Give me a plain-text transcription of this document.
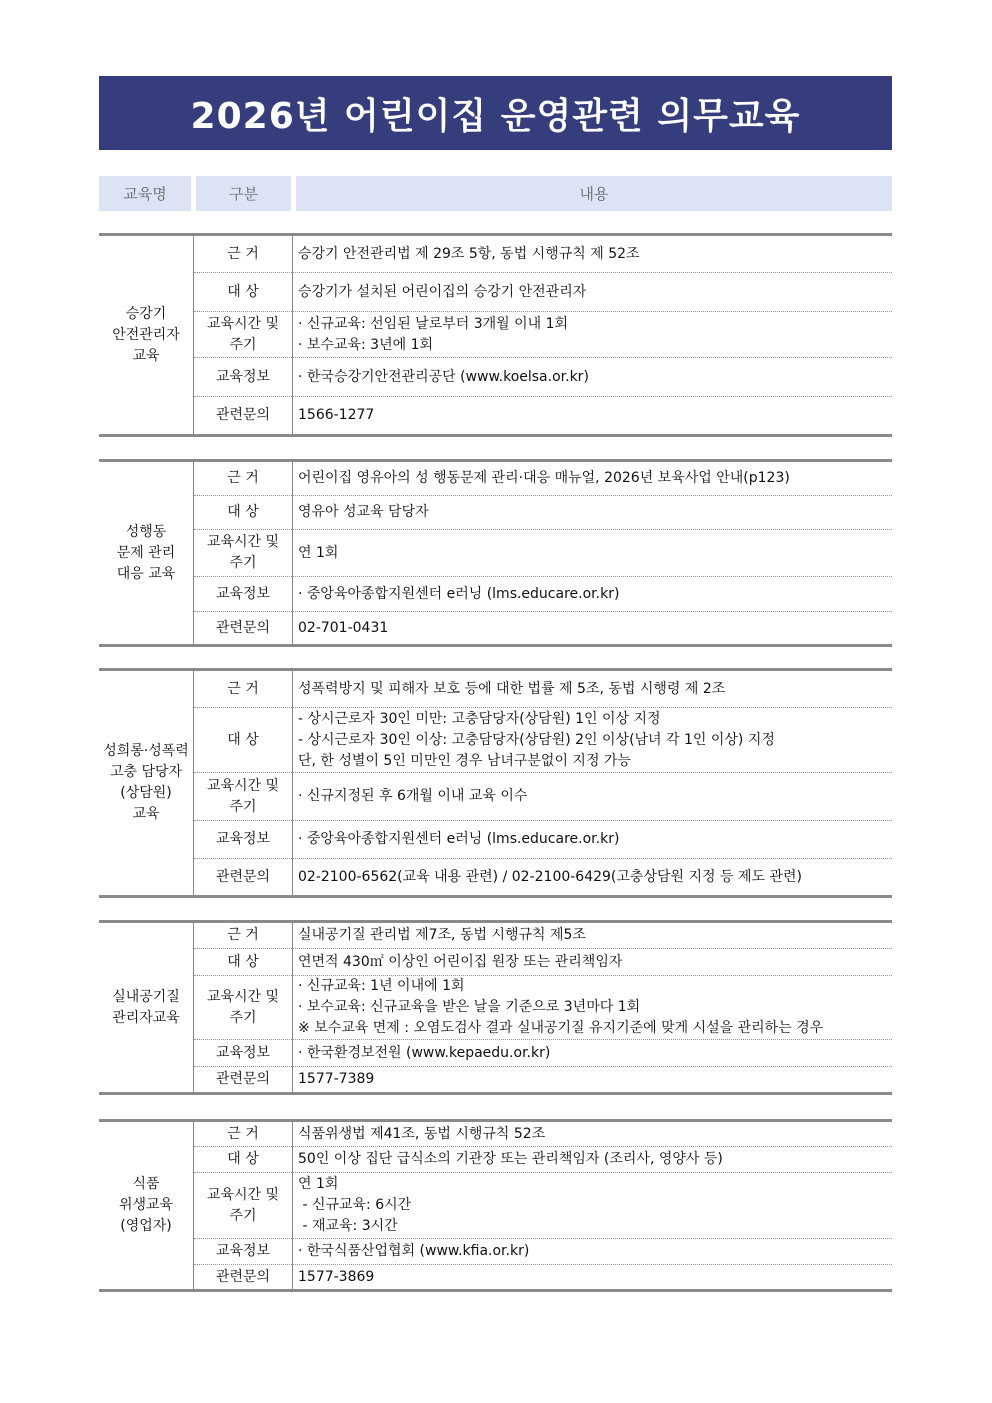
2026년 어린이집 운영관련 의무교육
교육명	구분	내용
승강기
안전관리자
교육	근 거	승강기 안전관리법 제 29조 5항, 동법 시행규칙 제 52조

	대 상	승강기가 설치된 어린이집의 승강기 안전관리자

	교육시간 및
주기	· 신규교육: 선임된 날로부터 3개월 이내 1회
· 보수교육: 3년에 1회

	교육정보	· 한국승강기안전관리공단 (www.koelsa.or.kr)

	관련문의	1566-1277
성행동
문제 관리
대응 교육	근 거	어린이집 영유아의 성 행동문제 관리·대응 매뉴얼, 2026년 보육사업 안내(p123)

	대 상	영유아 성교육 담당자

	교육시간 및
주기	연 1회

	교육정보	· 중앙육아종합지원센터 e러닝 (lms.educare.or.kr)

	관련문의	02-701-0431
성희롱·성폭력
고충 담당자
(상담원)
교육	근 거	성폭력방지 및 피해자 보호 등에 대한 법률 제 5조, 동법 시행령 제 2조

	대 상	- 상시근로자 30인 미만: 고충담당자(상담원) 1인 이상 지정
- 상시근로자 30인 이상: 고충담당자(상담원) 2인 이상(남녀 각 1인 이상) 지정
단, 한 성별이 5인 미만인 경우 남녀구분없이 지정 가능

	교육시간 및
주기	· 신규지정된 후 6개월 이내 교육 이수

	교육정보	· 중앙육아종합지원센터 e러닝 (lms.educare.or.kr)

	관련문의	02-2100-6562(교육 내용 관련) / 02-2100-6429(고충상담원 지정 등 제도 관련)
실내공기질
관리자교육	근 거	실내공기질 관리법 제7조, 동법 시행규칙 제5조

	대 상	연면적 430㎡ 이상인 어린이집 원장 또는 관리책임자

	교육시간 및
주기	· 신규교육: 1년 이내에 1회
· 보수교육: 신규교육을 받은 날을 기준으로 3년마다 1회
※ 보수교육 면제 : 오염도검사 결과 실내공기질 유지기준에 맞게 시설을 관리하는 경우

	교육정보	· 한국환경보전원 (www.kepaedu.or.kr)

	관련문의	1577-7389
식품
위생교육
(영업자)	근 거	식품위생법 제41조, 동법 시행규칙 52조

	대 상	50인 이상 집단 급식소의 기관장 또는 관리책임자 (조리사, 영양사 등)

	교육시간 및
주기	연 1회
- 신규교육: 6시간
- 재교육: 3시간

	교육정보	· 한국식품산업협회 (www.kfia.or.kr)

	관련문의	1577-3869
